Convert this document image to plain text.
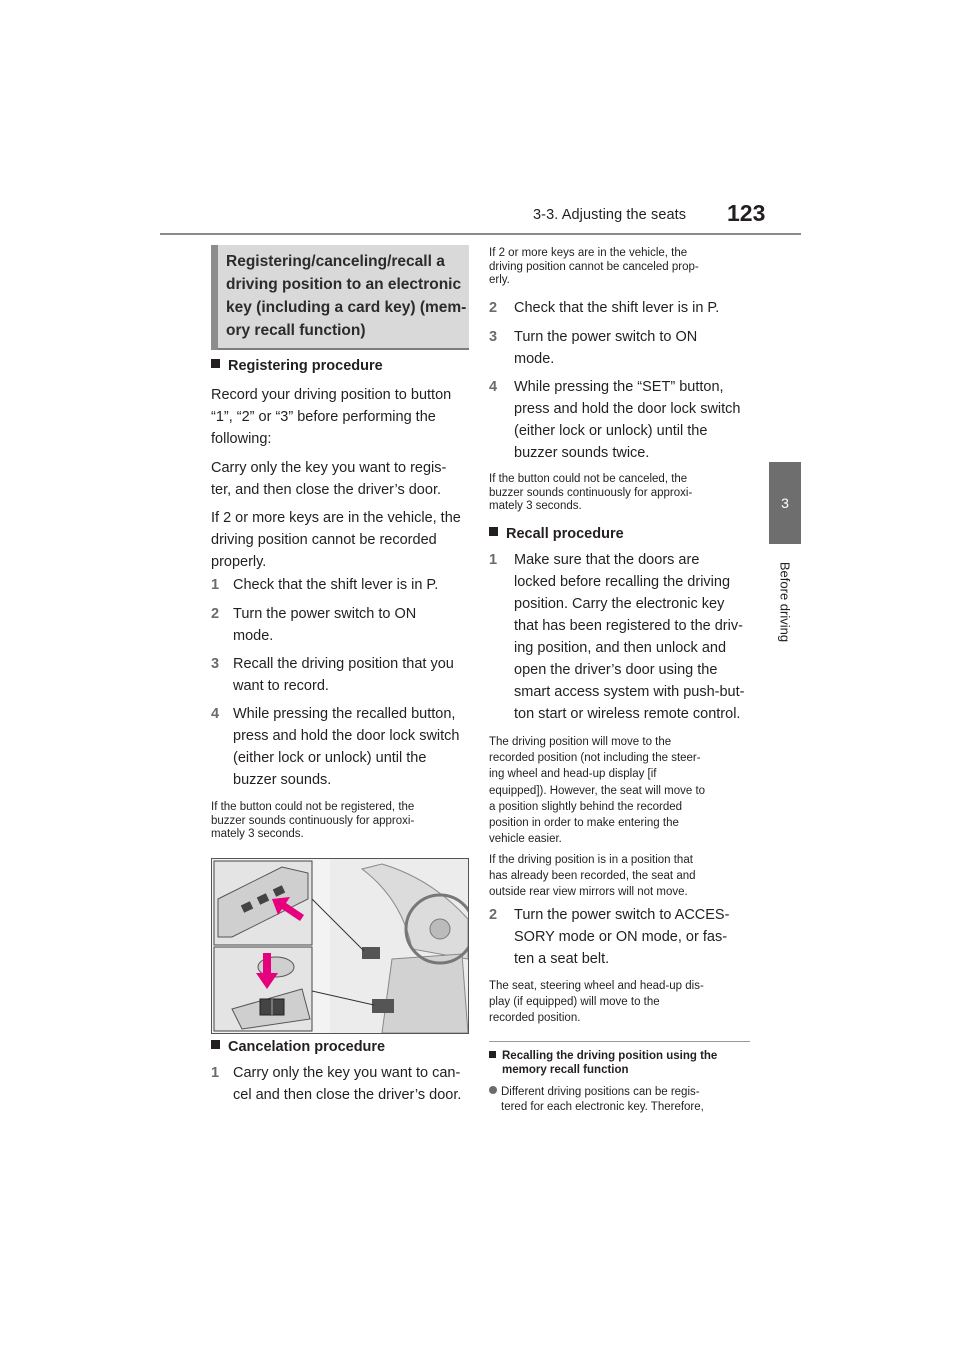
3-3. Adjusting the seats 123
3
Before driving
Registering/canceling/recall a
driving position to an electronic
key (including a card key) (mem-
ory recall function)
Registering procedure
Record your driving position to button
“1”, “2” or “3” before performing the
following:
Carry only the key you want to regis-
ter, and then close the driver’s door.
If 2 or more keys are in the vehicle, the
driving position cannot be recorded
properly.
1 Check that the shift lever is in P.
2 Turn the power switch to ON
mode.
3 Recall the driving position that you
want to record.
4 While pressing the recalled button,
press and hold the door lock switch
(either lock or unlock) until the
buzzer sounds.
If the button could not be registered, the
buzzer sounds continuously for approxi-
mately 3 seconds.
Cancelation procedure
1 Carry only the key you want to can-
cel and then close the driver’s door.
If 2 or more keys are in the vehicle, the
driving position cannot be canceled prop-
erly.
2 Check that the shift lever is in P.
3 Turn the power switch to ON
mode.
4 While pressing the “SET” button,
press and hold the door lock switch
(either lock or unlock) until the
buzzer sounds twice.
If the button could not be canceled, the
buzzer sounds continuously for approxi-
mately 3 seconds.
Recall procedure
1 Make sure that the doors are
locked before recalling the driving
position. Carry the electronic key
that has been registered to the driv-
ing position, and then unlock and
open the driver’s door using the
smart access system with push-but-
ton start or wireless remote control.
The driving position will move to the
recorded position (not including the steer-
ing wheel and head-up display [if
equipped]). However, the seat will move to
a position slightly behind the recorded
position in order to make entering the
vehicle easier.
If the driving position is in a position that
has already been recorded, the seat and
outside rear view mirrors will not move.
2 Turn the power switch to ACCES-
SORY mode or ON mode, or fas-
ten a seat belt.
The seat, steering wheel and head-up dis-
play (if equipped) will move to the
recorded position.
Recalling the driving position using the
memory recall function
Different driving positions can be regis-
tered for each electronic key. Therefore,
